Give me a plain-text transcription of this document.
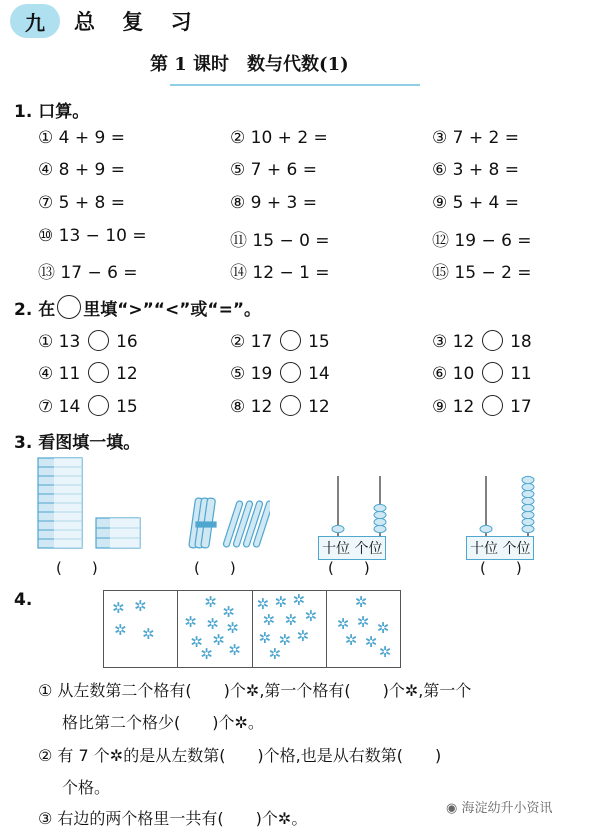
九 总 复 习
第 1 课时　数与代数(1)
1. 口算。
① 4 + 9 =	② 10 + 2 =	③ 7 + 2 =
④ 8 + 9 =	⑤ 7 + 6 =	⑥ 3 + 8 =
⑦ 5 + 8 =	⑧ 9 + 3 =	⑨ 5 + 4 =
⑩ 13 − 10 =	⑪ 15 − 0 =	⑫ 19 − 6 =
⑬ 17 − 6 =	⑭ 12 − 1 =	⑮ 15 − 2 =
2. 在 里填“>”“<”或“=”。
① 13 16	② 17 15	③ 12 18
④ 11 12	⑤ 19 14	⑥ 10 11
⑦ 14 15	⑧ 12 12	⑨ 12 17
3. 看图填一填。
十位 个位	十位 个位
(　　)	(　　)	(　　)	(　　)
4.	✲ ✲
✲ ✲
✲
✲
✲ ✲ ✲
✲ ✲
✲ ✲
✲ ✲ ✲
✲ ✲ ✲
✲ ✲ ✲
✲
✲
✲ ✲ ✲
✲ ✲
✲
① 从左数第二个格有(　　)个✲,第一个格有(　　)个✲,第一个
格比第二个格少(　　)个✲。
② 有 7 个✲的是从左数第(　　)个格,也是从右数第(　　)
个格。
③ 右边的两个格里一共有(　　)个✲。
◉ 海淀幼升小资讯
